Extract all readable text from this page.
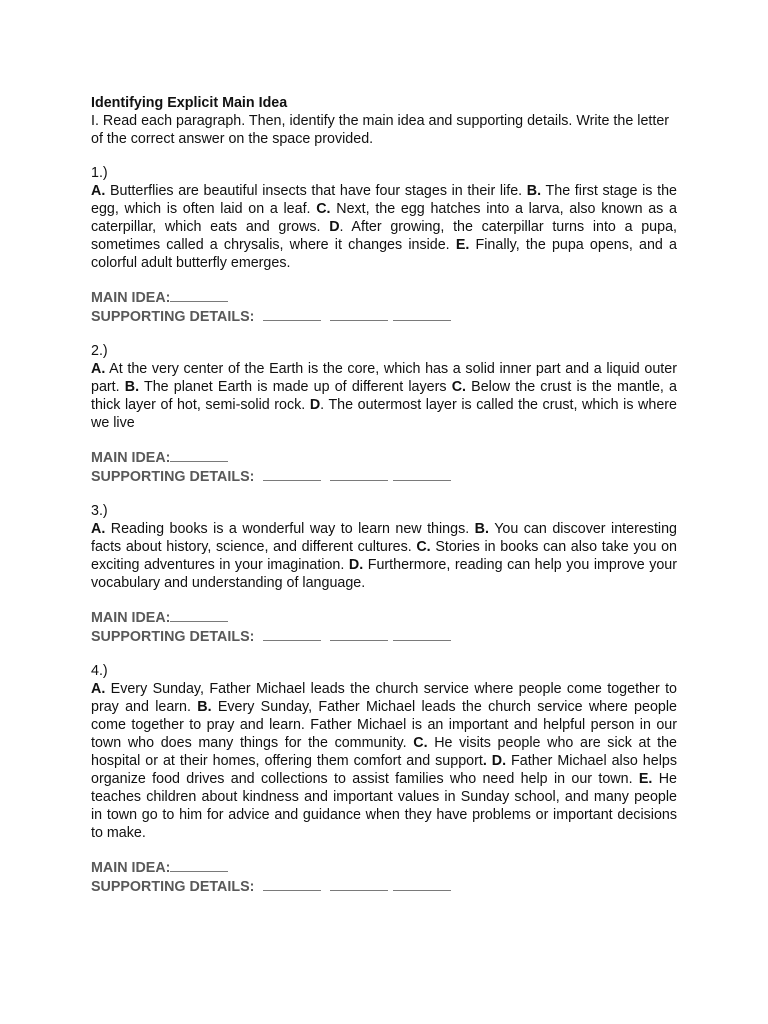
Identifying Explicit Main Idea
I. Read each paragraph. Then, identify the main idea and supporting details. Write the letter of the correct answer on the space provided.
1.)
A. Butterflies are beautiful insects that have four stages in their life. B. The first stage is the egg, which is often laid on a leaf. C. Next, the egg hatches into a larva, also known as a caterpillar, which eats and grows. D. After growing, the caterpillar turns into a pupa, sometimes called a chrysalis, where it changes inside. E. Finally, the pupa opens, and a colorful adult butterfly emerges.
MAIN IDEA:
SUPPORTING DETAILS:
2.)
A. At the very center of the Earth is the core, which has a solid inner part and a liquid outer part. B. The planet Earth is made up of different layers C. Below the crust is the mantle, a thick layer of hot, semi-solid rock. D. The outermost layer is called the crust, which is where we live
MAIN IDEA:
SUPPORTING DETAILS:
3.)
A. Reading books is a wonderful way to learn new things. B. You can discover interesting facts about history, science, and different cultures. C. Stories in books can also take you on exciting adventures in your imagination. D. Furthermore, reading can help you improve your vocabulary and understanding of language.
MAIN IDEA:
SUPPORTING DETAILS:
4.)
A. Every Sunday, Father Michael leads the church service where people come together to pray and learn. B. Every Sunday, Father Michael leads the church service where people come together to pray and learn. Father Michael is an important and helpful person in our town who does many things for the community. C. He visits people who are sick at the hospital or at their homes, offering them comfort and support. D. Father Michael also helps organize food drives and collections to assist families who need help in our town. E. He teaches children about kindness and important values in Sunday school, and many people in town go to him for advice and guidance when they have problems or important decisions to make.
MAIN IDEA:
SUPPORTING DETAILS:
